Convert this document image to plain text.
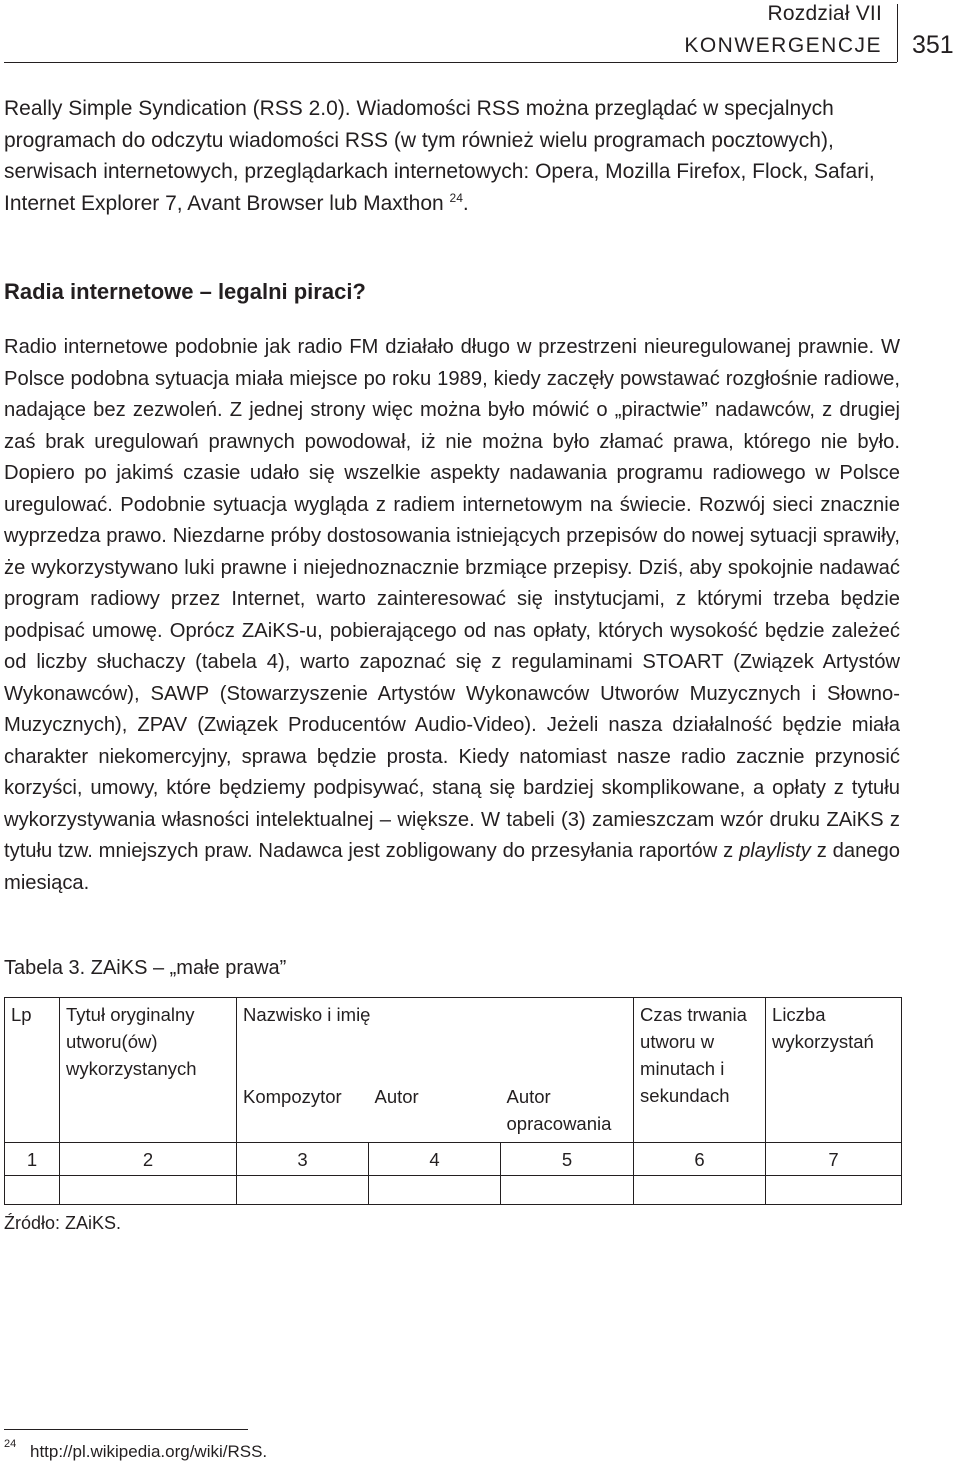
Rozdział VII
KONWERGENCJE 351

Really Simple Syndication (RSS 2.0). Wiadomości RSS można przeglądać w specjalnych programach do odczytu wiadomości RSS (w tym również wielu programach pocztowych), serwisach internetowych, przeglądarkach internetowych: Opera, Mozilla Firefox, Flock, Safari, Internet Explorer 7, Avant Browser lub Maxthon $^{24}$.

Radia internetowe – legalni piraci?

Radio internetowe podobnie jak radio FM działało długo w przestrzeni nieuregulowanej prawnie. W Polsce podobna sytuacja miała miejsce po roku 1989, kiedy zaczęły powstawać rozgłośnie radiowe, nadające bez zezwoleń. Z jednej strony więc można było mówić o „piractwie” nadawców, z drugiej zaś brak uregulowań prawnych powodował, iż nie można było złamać prawa, którego nie było. Dopiero po jakimś czasie udało się wszelkie aspekty nadawania programu radiowego w Polsce uregulować. Podobnie sytuacja wygląda z radiem internetowym na świecie. Rozwój sieci znacznie wyprzedza prawo. Niezdarne próby dostosowania istniejących przepisów do nowej sytuacji sprawiły, że wykorzystywano luki prawne i niejednoznacznie brzmiące przepisy. Dziś, aby spokojnie nadawać program radiowy przez Internet, warto zainteresować się instytucjami, z którymi trzeba będzie podpisać umowę. Oprócz ZAiKS-u, pobierającego od nas opłaty, których wysokość będzie zależeć od liczby słuchaczy (tabela 4), warto zapoznać się z regulaminami STOART (Związek Artystów Wykonawców), SAWP (Stowarzyszenie Artystów Wykonawców Utworów Muzycznych i Słowno-Muzycznych), ZPAV (Związek Producentów Audio-Video). Jeżeli nasza działalność będzie miała charakter niekomercyjny, sprawa będzie prosta. Kiedy natomiast nasze radio zacznie przynosić korzyści, umowy, które będziemy podpisywać, staną się bardziej skomplikowane, a opłaty z tytułu wykorzystywania własności intelektualnej – większe. W tabeli (3) zamieszczam wzór druku ZAiKS z tytułu tzw. mniejszych praw. Nadawca jest zobligowany do przesyłania raportów z playlisty z danego miesiąca.

Tabela 3. ZAiKS – „małe prawa”

Lp	Tytuł oryginalny utworu(ów) wykorzystanych	Nazwisko i imię			Czas trwania utworu w minutach i sekundach	Liczba wykorzystań
		Kompozytor	Autor	Autor opracowania		
1	2	3	4	5	6	7

Źródło: ZAiKS.
24 http://pl.wikipedia.org/wiki/RSS.
